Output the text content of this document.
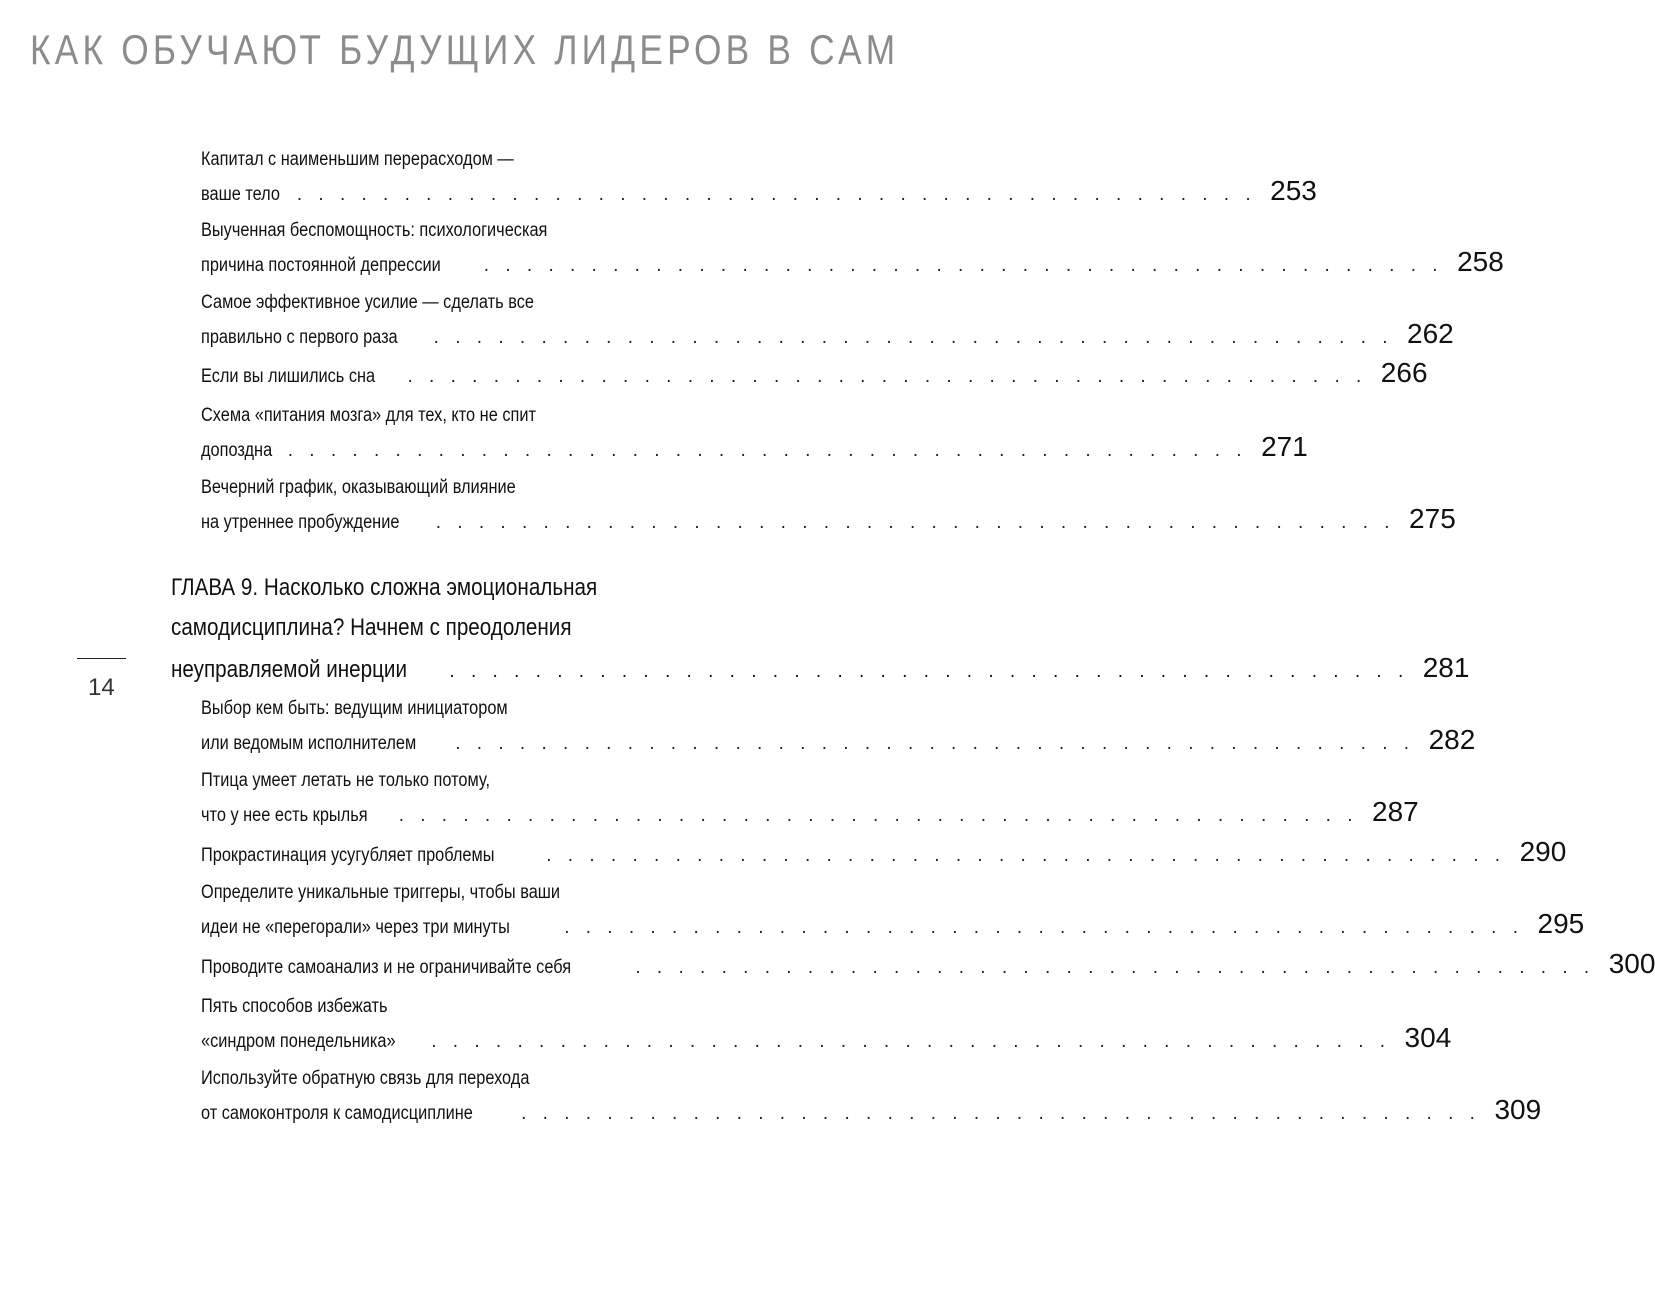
КАК ОБУЧАЮТ БУДУЩИХ ЛИДЕРОВ В САМ
14
Капитал с наименьшим перерасходом —
ваше тело . . . . . . . . . . . . . . . . . . . . . . . . . . . . . . . . . . . . . . . . . . . . . 253
Выученная беспомощность: психологическая
причина постоянной депрессии . . . . . . . . . . . . . . . . . . . . . . . . . . . . . . . . . . . . . . . . . . . . . 258
Самое эффективное усилие — сделать все
правильно с первого раза . . . . . . . . . . . . . . . . . . . . . . . . . . . . . . . . . . . . . . . . . . . . . 262
Если вы лишились сна . . . . . . . . . . . . . . . . . . . . . . . . . . . . . . . . . . . . . . . . . . . . . 266
Схема «питания мозга» для тех, кто не спит
допоздна . . . . . . . . . . . . . . . . . . . . . . . . . . . . . . . . . . . . . . . . . . . . . 271
Вечерний график, оказывающий влияние
на утреннее пробуждение . . . . . . . . . . . . . . . . . . . . . . . . . . . . . . . . . . . . . . . . . . . . . 275
ГЛАВА 9. Насколько сложна эмоциональная
самодисциплина? Начнем с преодоления
неуправляемой инерции . . . . . . . . . . . . . . . . . . . . . . . . . . . . . . . . . . . . . . . . . . . . . 281
Выбор кем быть: ведущим инициатором
или ведомым исполнителем . . . . . . . . . . . . . . . . . . . . . . . . . . . . . . . . . . . . . . . . . . . . . 282
Птица умеет летать не только потому,
что у нее есть крылья . . . . . . . . . . . . . . . . . . . . . . . . . . . . . . . . . . . . . . . . . . . . . 287
Прокрастинация усугубляет проблемы	. . . . . . . . . . . . . . . . . . . . . . . . . . . . . . . . . . . . . . . . . . . . . 290
Определите уникальные триггеры, чтобы ваши
идеи не «перегорали» через три минуты	. . . . . . . . . . . . . . . . . . . . . . . . . . . . . . . . . . . . . . . . . . . . . 295
Проводите самоанализ и не ограничивайте себя	. . . . . . . . . . . . . . . . . . . . . . . . . . . . . . . . . . . . . . . . . . . . . 300
Пять способов избежать
«синдром понедельника» . . . . . . . . . . . . . . . . . . . . . . . . . . . . . . . . . . . . . . . . . . . . . 304
Используйте обратную связь для перехода
от самоконтроля к самодисциплине	. . . . . . . . . . . . . . . . . . . . . . . . . . . . . . . . . . . . . . . . . . . . . 309
